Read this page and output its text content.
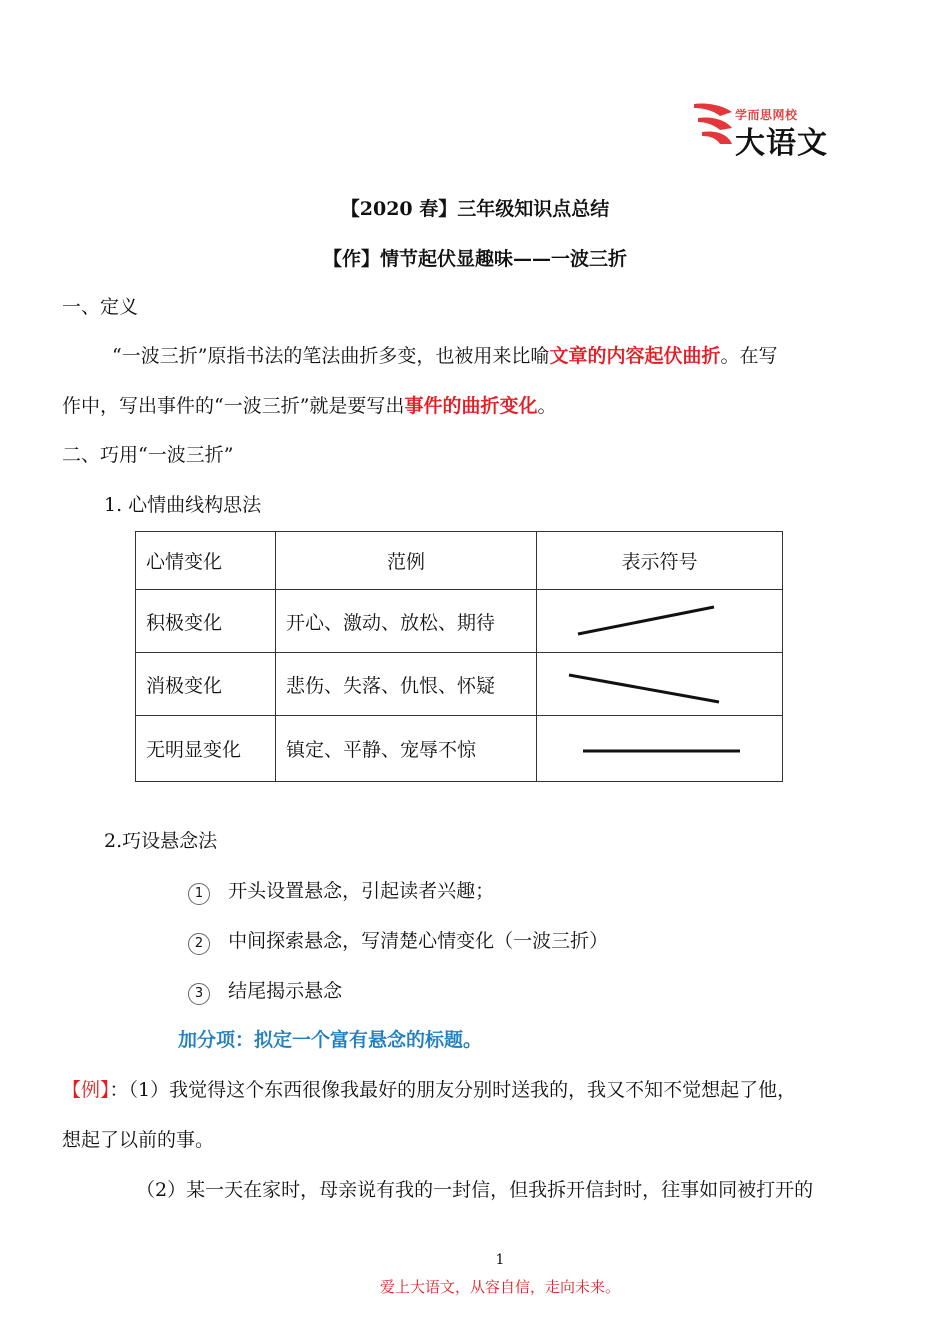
学而思网校
大语文
【2020 春】三年级知识点总结
【作】情节起伏显趣味——一波三折
一、定义
“一波三折”原指书法的笔法曲折多变，也被用来比喻文章的内容起伏曲折。在写
作中，写出事件的“一波三折”就是要写出事件的曲折变化。
二、巧用“一波三折”
1. 心情曲线构思法
心情变化	范例	表示符号
积极变化	开心、激动、放松、期待	
消极变化	悲伤、失落、仇恨、怀疑	
无明显变化	镇定、平静、宠辱不惊	
2.巧设悬念法
1 开头设置悬念，引起读者兴趣；
2 中间探索悬念，写清楚心情变化（一波三折）
3 结尾揭示悬念
加分项：拟定一个富有悬念的标题。
【例】：（1）我觉得这个东西很像我最好的朋友分别时送我的，我又不知不觉想起了他，
想起了以前的事。
（2）某一天在家时，母亲说有我的一封信，但我拆开信封时，往事如同被打开的
1
爱上大语文，从容自信，走向未来。
